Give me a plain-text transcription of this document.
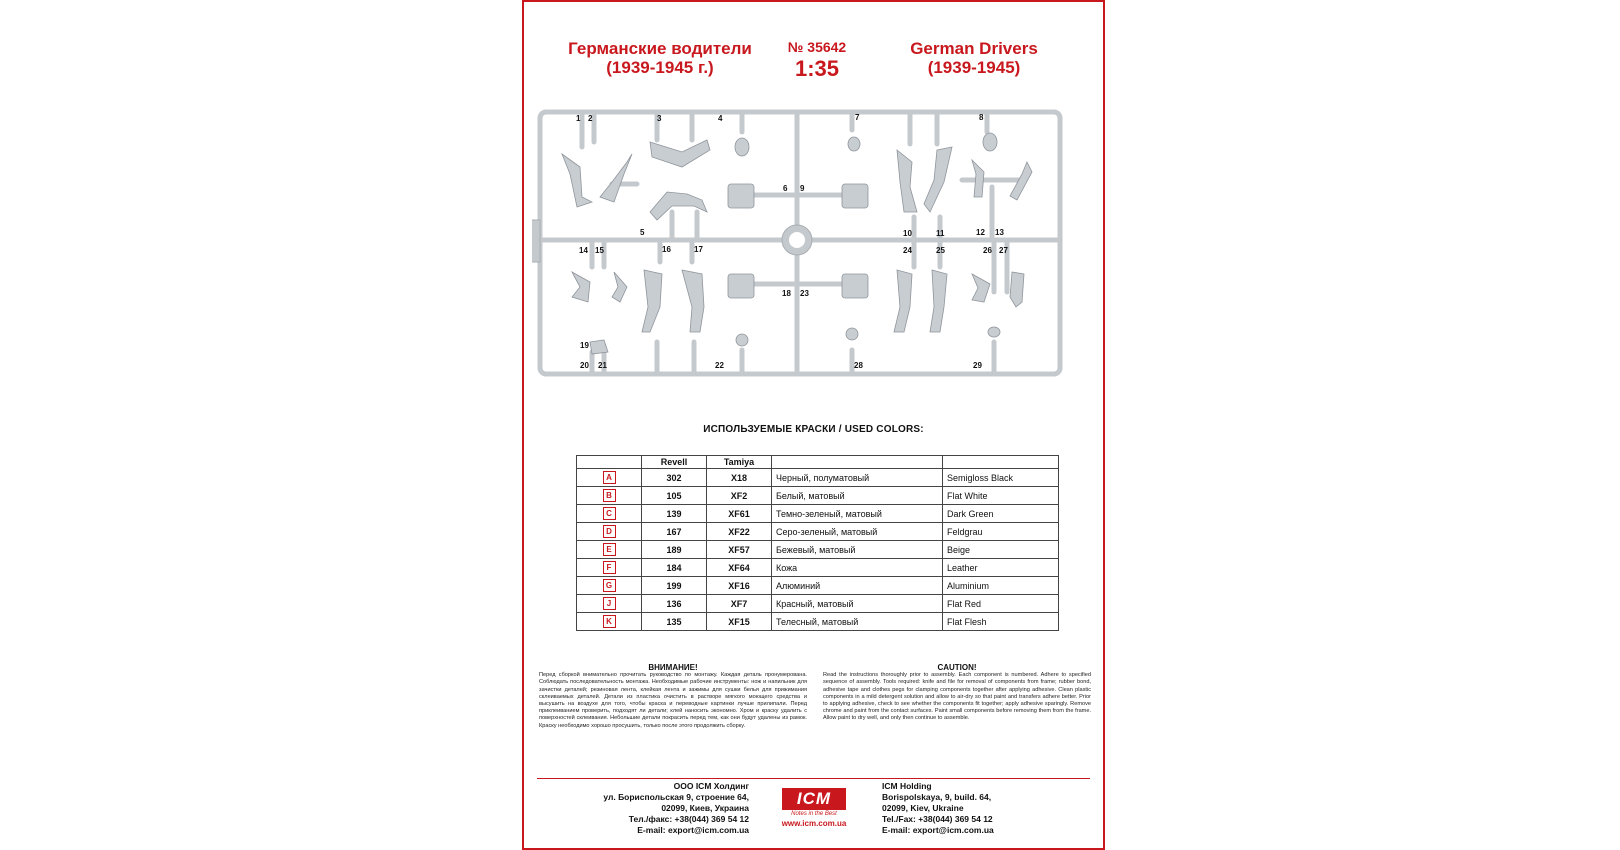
Германские водители
(1939-1945 г.)
№ 35642
1:35
German Drivers
(1939-1945)
1 2	3	4
5
6
7	8
9
10	11	12 13
14 15	16	17
18
19
20 21	22
23
24	25	26 27
28	29
ИСПОЛЬЗУЕМЫЕ КРАСКИ / USED COLORS:
	Revell	Tamiya		
A	302	X18	Черный, полуматовый	Semigloss Black
B	105	XF2	Белый, матовый	Flat White
C	139	XF61	Темно-зеленый, матовый	Dark Green
D	167	XF22	Серо-зеленый, матовый	Feldgrau
E	189	XF57	Бежевый, матовый	Beige
F	184	XF64	Кожа	Leather
G	199	XF16	Алюминий	Aluminium
J	136	XF7	Красный, матовый	Flat Red
K	135	XF15	Телесный, матовый	Flat Flesh
ВНИМАНИЕ!

Перед сборкой внимательно прочитать руководство по монтажу. Каждая деталь пронумерована. Соблюдать последовательность монтажа. Необходимые рабочие инструменты: нож и напильник для зачистки деталей; резиновая лента, клейкая лента и зажимы для сушки белья для прижимания склеиваемых деталей. Детали из пластика очистить в растворе мягкого моющего средства и высушить на воздухе для того, чтобы краска и переводные картинки лучше прилипали. Перед приклеиванием проверить, подходят ли детали; клей наносить экономно. Хром и краску удалить с поверхностей склеивания. Небольшие детали покрасить перед тем, как они будут удалены из рамок. Краску необходимо хорошо просушить, только после этого продолжить сборку.

CAUTION!

Read the instructions thoroughly prior to assembly. Each component is numbered. Adhere to specified sequence of assembly. Tools required: knife and file for removal of components from frame; rubber bond, adhesive tape and clothes pegs for clamping components together after applying adhesive. Clean plastic components in a mild detergent solution and allow to air-dry so that paint and transfers adhere better. Prior to applying adhesive, check to see whether the components fit together; apply adhesive sparingly. Remove chrome and paint from the contact surfaces. Paint small components before removing them from the frame. Allow paint to dry well, and only then continue to assemble.

ООО ICM Холдинг
ул. Бориспольская 9, строение 64,
02099, Киев, Украина
Тел./факс: +38(044) 369 54 12
E-mail: export@icm.com.ua
ICM
Notes in the Best
www.icm.com.ua
ICM Holding
Borispolskaya, 9, build. 64,
02099, Kiev, Ukraine
Tel./Fax: +38(044) 369 54 12
E-mail: export@icm.com.ua
